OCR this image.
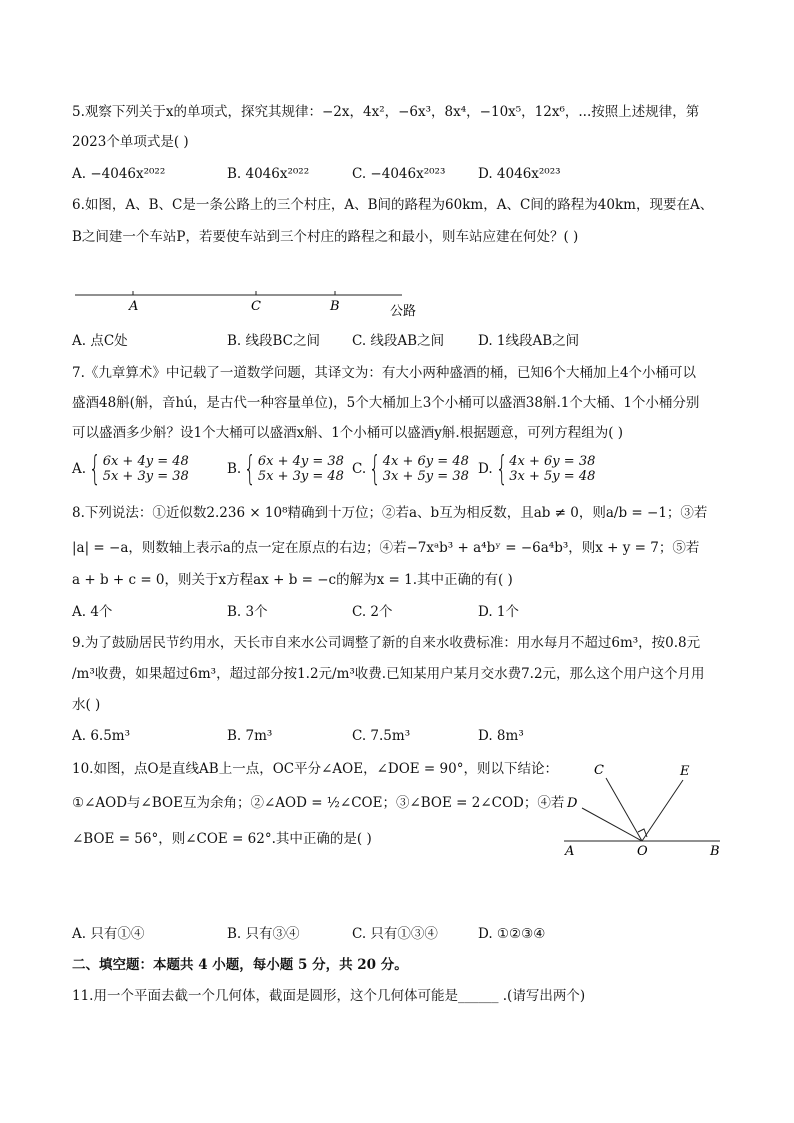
5.观察下列关于x的单项式，探究其规律：−2x，4x²，−6x³，8x⁴，−10x⁵，12x⁶，...按照上述规律，第
2023个单项式是( )
A. −4046x²⁰²²	B. 4046x²⁰²²	C. −4046x²⁰²³ D. 4046x²⁰²³
6.如图，A、B、C是一条公路上的三个村庄，A、B间的路程为60km，A、C间的路程为40km，现要在A、
B之间建一个车站P，若要使车站到三个村庄的路程之和最小，则车站应建在何处？( )
A	C	B	公路
A. 点C处	B. 线段BC之间 C. 线段AB之间	D. 1线段AB之间
7.《九章算术》中记载了一道数学问题，其译文为：有大小两种盛酒的桶，已知6个大桶加上4个小桶可以
盛酒48斛(斛，音hú，是古代一种容量单位)，5个大桶加上3个小桶可以盛酒38斛.1个大桶、1个小桶分别
可以盛酒多少斛？设1个大桶可以盛酒x斛、1个小桶可以盛酒y斛.根据题意，可列方程组为( )
A. { 6x + 4y = 48
5x + 3y = 38	B. { 6x + 4y = 38
5x + 3y = 48 C. { 4x + 6y = 48
3x + 5y = 38 D. { 4x + 6y = 38
3x + 5y = 48
8.下列说法：①近似数2.236 × 10⁸精确到十万位；②若a、b互为相反数，且ab ≠ 0，则a/b = −1；③若
|a| = −a，则数轴上表示a的点一定在原点的右边；④若−7xᵃb³ + a⁴bʸ = −6a⁴b³，则x + y = 7；⑤若
a + b + c = 0，则关于x方程ax + b = −c的解为x = 1.其中正确的有( )
A. 4个	B. 3个	C. 2个	D. 1个
9.为了鼓励居民节约用水，天长市自来水公司调整了新的自来水收费标准：用水每月不超过6m³，按0.8元
/m³收费，如果超过6m³，超过部分按1.2元/m³收费.已知某用户某月交水费7.2元，那么这个用户这个月用
水( )
A. 6.5m³	B. 7m³	C. 7.5m³	D. 8m³
10.如图，点O是直线AB上一点，OC平分∠AOE，∠DOE = 90°，则以下结论：
①∠AOD与∠BOE互为余角；②∠AOD = ½∠COE；③∠BOE = 2∠COD；④若
∠BOE = 56°，则∠COE = 62°.其中正确的是( )
C	E
D
A	O	B
A. 只有①④	B. 只有③④	C. 只有①③④	D. ①②③④
二、填空题：本题共 4 小题，每小题 5 分，共 20 分。
11.用一个平面去截一个几何体，截面是圆形，这个几何体可能是______ .(请写出两个)
